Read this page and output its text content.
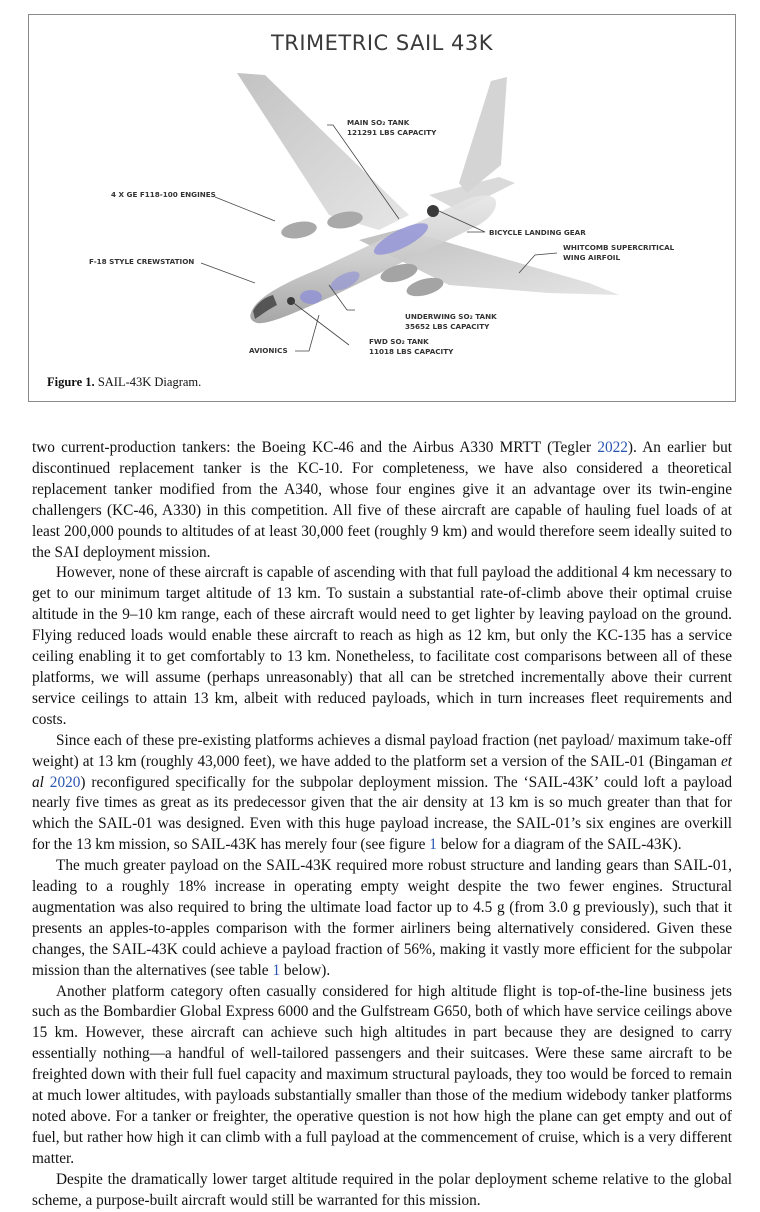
TRIMETRIC SAIL 43K
MAIN SO₂ TANK
121291 LBS CAPACITY
4 X GE F118-100 ENGINES
BICYCLE LANDING GEAR
WHITCOMB SUPERCRITICAL
WING AIRFOIL
F-18 STYLE CREWSTATION
UNDERWING SO₂ TANK
35652 LBS CAPACITY
FWD SO₂ TANK
11018 LBS CAPACITY
AVIONICS
Figure 1. SAIL-43K Diagram.

two current-production tankers: the Boeing KC-46 and the Airbus A330 MRTT (Tegler 2022). An earlier but discontinued replacement tanker is the KC-10. For completeness, we have also considered a theoretical replacement tanker modified from the A340, whose four engines give it an advantage over its twin-engine challengers (KC-46, A330) in this competition. All five of these aircraft are capable of hauling fuel loads of at least 200,000 pounds to altitudes of at least 30,000 feet (roughly 9 km) and would therefore seem ideally suited to the SAI deployment mission.

However, none of these aircraft is capable of ascending with that full payload the additional 4 km necessary to get to our minimum target altitude of 13 km. To sustain a substantial rate-of-climb above their optimal cruise altitude in the 9–10 km range, each of these aircraft would need to get lighter by leaving payload on the ground. Flying reduced loads would enable these aircraft to reach as high as 12 km, but only the KC-135 has a service ceiling enabling it to get comfortably to 13 km. Nonetheless, to facilitate cost comparisons between all of these platforms, we will assume (perhaps unreasonably) that all can be stretched incrementally above their current service ceilings to attain 13 km, albeit with reduced payloads, which in turn increases fleet requirements and costs.

Since each of these pre-existing platforms achieves a dismal payload fraction (net payload/ maximum take-off weight) at 13 km (roughly 43,000 feet), we have added to the platform set a version of the SAIL-01 (Bingaman et al 2020) reconfigured specifically for the subpolar deployment mission. The ‘SAIL-43K’ could loft a payload nearly five times as great as its predecessor given that the air density at 13 km is so much greater than that for which the SAIL-01 was designed. Even with this huge payload increase, the SAIL-01’s six engines are overkill for the 13 km mission, so SAIL-43K has merely four (see figure 1 below for a diagram of the SAIL-43K).

The much greater payload on the SAIL-43K required more robust structure and landing gears than SAIL-01, leading to a roughly 18% increase in operating empty weight despite the two fewer engines. Structural augmentation was also required to bring the ultimate load factor up to 4.5 g (from 3.0 g previously), such that it presents an apples-to-apples comparison with the former airliners being alternatively considered. Given these changes, the SAIL-43K could achieve a payload fraction of 56%, making it vastly more efficient for the subpolar mission than the alternatives (see table 1 below).

Another platform category often casually considered for high altitude flight is top-of-the-line business jets such as the Bombardier Global Express 6000 and the Gulfstream G650, both of which have service ceilings above 15 km. However, these aircraft can achieve such high altitudes in part because they are designed to carry essentially nothing—a handful of well-tailored passengers and their suitcases. Were these same aircraft to be freighted down with their full fuel capacity and maximum structural payloads, they too would be forced to remain at much lower altitudes, with payloads substantially smaller than those of the medium widebody tanker platforms noted above. For a tanker or freighter, the operative question is not how high the plane can get empty and out of fuel, but rather how high it can climb with a full payload at the commencement of cruise, which is a very different matter.

Despite the dramatically lower target altitude required in the polar deployment scheme relative to the global scheme, a purpose-built aircraft would still be warranted for this mission.
